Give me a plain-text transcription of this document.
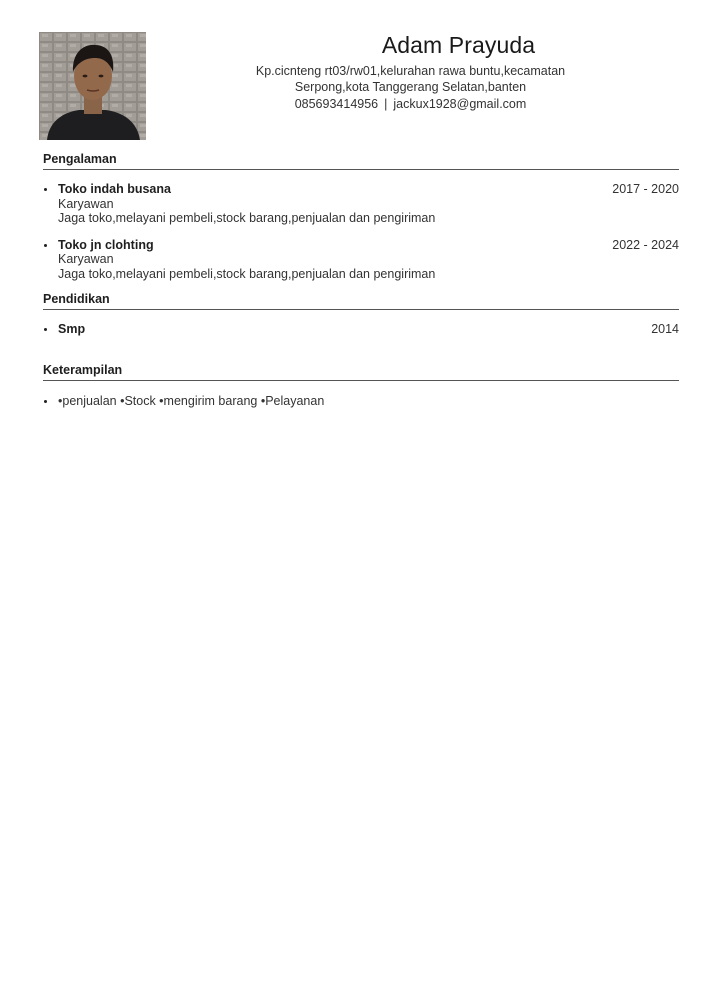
Adam Prayuda
Kp.cicnteng rt03/rw01,kelurahan rawa buntu,kecamatan
Serpong,kota Tanggerang Selatan,banten
085693414956 | jackux1928@gmail.com
Pengalaman
Toko indah busana	2017 - 2020
Karyawan
Jaga toko,melayani pembeli,stock barang,penjualan dan pengiriman
Toko jn clohting	2022 - 2024
Karyawan
Jaga toko,melayani pembeli,stock barang,penjualan dan pengiriman
Pendidikan
Smp	2014
Keterampilan
•penjualan •Stock •mengirim barang •Pelayanan
